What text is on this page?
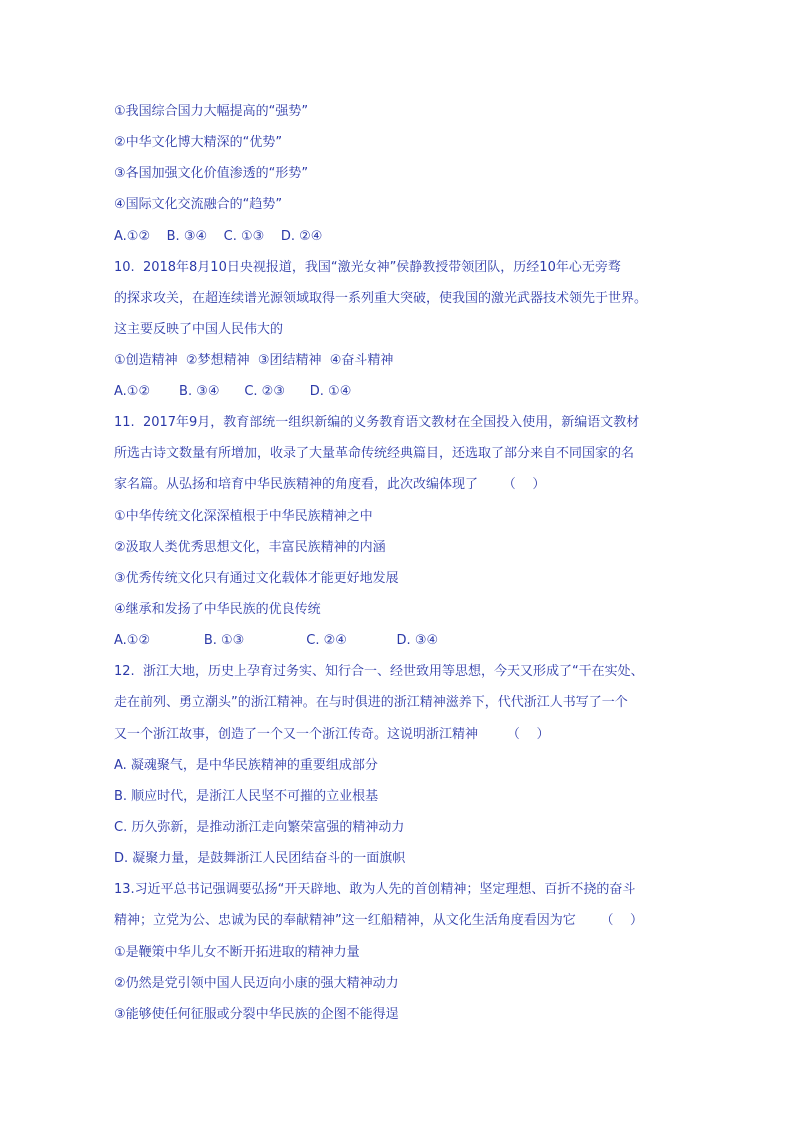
①我国综合国力大幅提高的“强势”
②中华文化博大精深的“优势”
③各国加强文化价值渗透的“形势”
④国际文化交流融合的“趋势”
A.①②    B. ③④    C. ①③    D. ②④
10.  2018年8月10日央视报道，我国“激光女神”侯静教授带领团队，历经10年心无旁骛
的探求攻关，在超连续谱光源领域取得一系列重大突破，使我国的激光武器技术领先于世界。
这主要反映了中国人民伟大的
①创造精神  ②梦想精神  ③团结精神  ④奋斗精神
A.①②       B. ③④      C. ②③      D. ①④
11.  2017年9月，教育部统一组织新编的义务教育语文教材在全国投入使用，新编语文教材
所选古诗文数量有所增加，收录了大量革命传统经典篇目，还选取了部分来自不同国家的名
家名篇。从弘扬和培育中华民族精神的角度看，此次改编体现了      （    ）
①中华传统文化深深植根于中华民族精神之中
②汲取人类优秀思想文化，丰富民族精神的内涵
③优秀传统文化只有通过文化载体才能更好地发展
④继承和发扬了中华民族的优良传统
A.①②             B. ①③               C. ②④            D. ③④
12.  浙江大地，历史上孕育过务实、知行合一、经世致用等思想，今天又形成了“干在实处、
走在前列、勇立潮头”的浙江精神。在与时俱进的浙江精神滋养下，代代浙江人书写了一个
又一个浙江故事，创造了一个又一个浙江传奇。这说明浙江精神       （    ）
A. 凝魂聚气，是中华民族精神的重要组成部分
B. 顺应时代，是浙江人民坚不可摧的立业根基
C. 历久弥新，是推动浙江走向繁荣富强的精神动力
D. 凝聚力量，是鼓舞浙江人民团结奋斗的一面旗帜
13.习近平总书记强调要弘扬“开天辟地、敢为人先的首创精神；坚定理想、百折不挠的奋斗
精神；立党为公、忠诚为民的奉献精神”这一红船精神，从文化生活角度看因为它      （    ）
①是鞭策中华儿女不断开拓进取的精神力量
②仍然是党引领中国人民迈向小康的强大精神动力
③能够使任何征服或分裂中华民族的企图不能得逞
